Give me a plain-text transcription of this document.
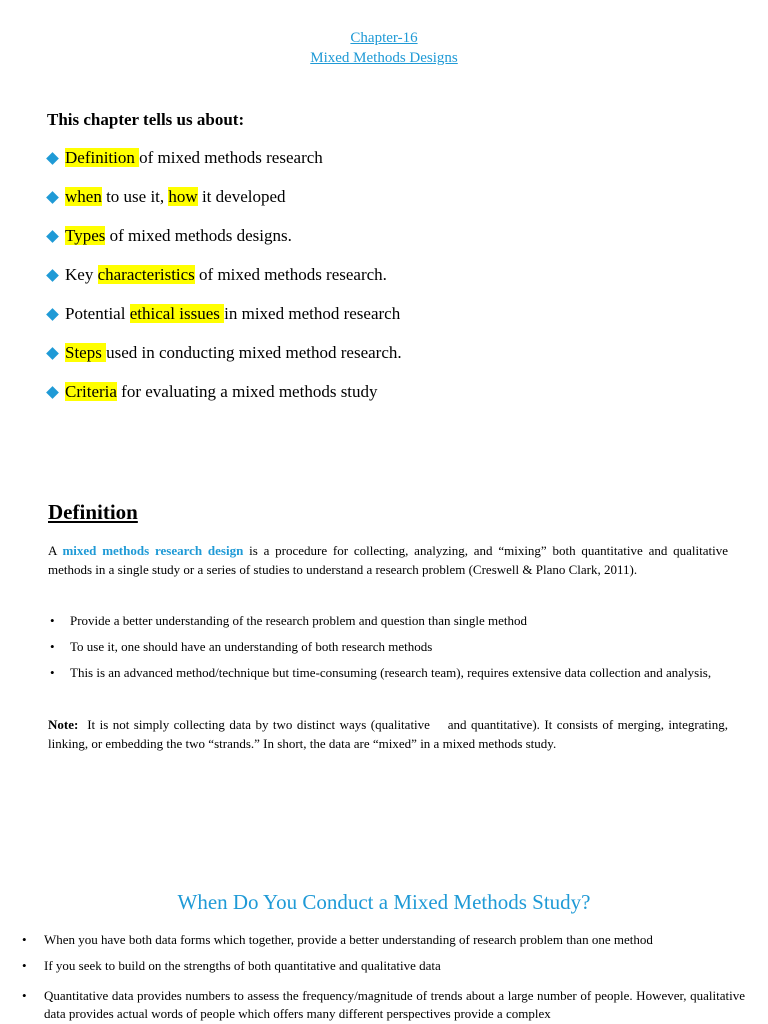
Chapter-16
Mixed Methods Designs
This chapter tells us about:
Definition of mixed methods research
when to use it, how it developed
Types of mixed methods designs.
Key characteristics of mixed methods research.
Potential ethical issues in mixed method research
Steps used in conducting mixed method research.
Criteria for evaluating a mixed methods study
Definition
A mixed methods research design is a procedure for collecting, analyzing, and “mixing” both quantitative and qualitative methods in a single study or a series of studies to understand a research problem (Creswell & Plano Clark, 2011).
• Provide a better understanding of the research problem and question than single method
• To use it, one should have an understanding of both research methods
• This is an advanced method/technique but time-consuming (research team), requires extensive data collection and analysis,
Note:  It is not simply collecting data by two distinct ways (qualitative    and quantitative). It consists of merging, integrating, linking, or embedding the two “strands.” In short, the data are “mixed” in a mixed methods study.
When Do You Conduct a Mixed Methods Study?
• When you have both data forms which together, provide a better understanding of research problem than one method
• If you seek to build on the strengths of both quantitative and qualitative data
• Quantitative data provides numbers to assess the frequency/magnitude of trends about a large number of people. However, qualitative data provides actual words of people which offers many different perspectives provide a complex
